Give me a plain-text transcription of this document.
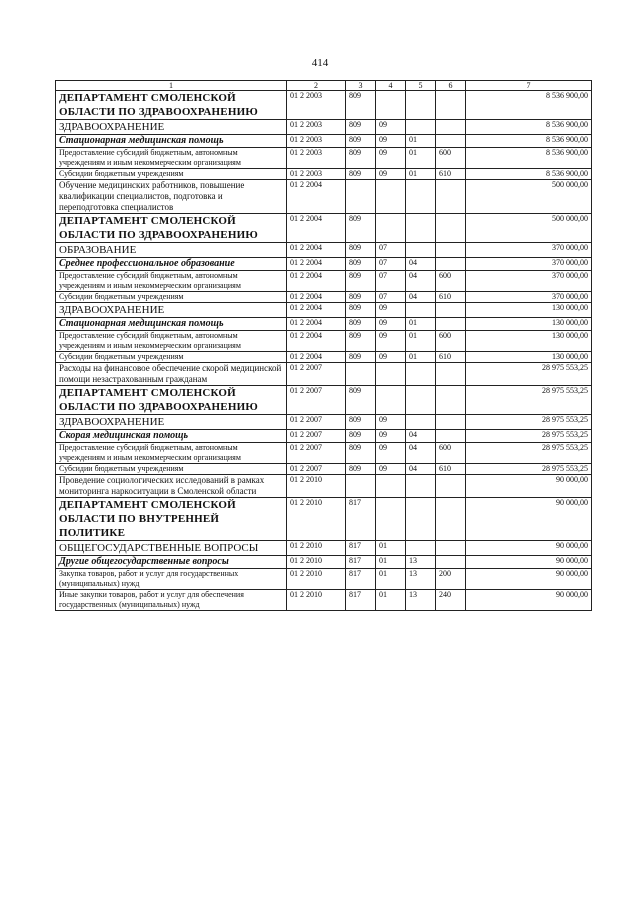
414
1	2	3	4	5	6	7
ДЕПАРТАМЕНТ СМОЛЕНСКОЙ ОБЛАСТИ ПО ЗДРАВООХРАНЕНИЮ	01 2 2003	809				8 536 900,00
ЗДРАВООХРАНЕНИЕ	01 2 2003	809	09			8 536 900,00
Стационарная медицинская помощь	01 2 2003	809	09	01		8 536 900,00
Предоставление субсидий бюджетным, автономным учреждениям и иным некоммерческим организациям	01 2 2003	809	09	01	600	8 536 900,00
Субсидии бюджетным учреждениям	01 2 2003	809	09	01	610	8 536 900,00
Обучение медицинских работников, повышение квалификации специалистов, подготовка и переподготовка специалистов	01 2 2004					500 000,00
ДЕПАРТАМЕНТ СМОЛЕНСКОЙ ОБЛАСТИ ПО ЗДРАВООХРАНЕНИЮ	01 2 2004	809				500 000,00
ОБРАЗОВАНИЕ	01 2 2004	809	07			370 000,00
Среднее профессиональное образование	01 2 2004	809	07	04		370 000,00
Предоставление субсидий бюджетным, автономным учреждениям и иным некоммерческим организациям	01 2 2004	809	07	04	600	370 000,00
Субсидии бюджетным учреждениям	01 2 2004	809	07	04	610	370 000,00
ЗДРАВООХРАНЕНИЕ	01 2 2004	809	09			130 000,00
Стационарная медицинская помощь	01 2 2004	809	09	01		130 000,00
Предоставление субсидий бюджетным, автономным учреждениям и иным некоммерческим организациям	01 2 2004	809	09	01	600	130 000,00
Субсидии бюджетным учреждениям	01 2 2004	809	09	01	610	130 000,00
Расходы на финансовое обеспечение скорой медицинской помощи незастрахованным гражданам	01 2 2007					28 975 553,25
ДЕПАРТАМЕНТ СМОЛЕНСКОЙ ОБЛАСТИ ПО ЗДРАВООХРАНЕНИЮ	01 2 2007	809				28 975 553,25
ЗДРАВООХРАНЕНИЕ	01 2 2007	809	09			28 975 553,25
Скорая медицинская помощь	01 2 2007	809	09	04		28 975 553,25
Предоставление субсидий бюджетным, автономным учреждениям и иным некоммерческим организациям	01 2 2007	809	09	04	600	28 975 553,25
Субсидии бюджетным учреждениям	01 2 2007	809	09	04	610	28 975 553,25
Проведение социологических исследований в рамках мониторинга наркоситуации в Смоленской области	01 2 2010					90 000,00
ДЕПАРТАМЕНТ СМОЛЕНСКОЙ ОБЛАСТИ ПО ВНУТРЕННЕЙ ПОЛИТИКЕ	01 2 2010	817				90 000,00
ОБЩЕГОСУДАРСТВЕННЫЕ ВОПРОСЫ	01 2 2010	817	01			90 000,00
Другие общегосударственные вопросы	01 2 2010	817	01	13		90 000,00
Закупка товаров, работ и услуг для государственных (муниципальных) нужд	01 2 2010	817	01	13	200	90 000,00
Иные закупки товаров, работ и услуг для обеспечения государственных (муниципальных) нужд	01 2 2010	817	01	13	240	90 000,00
